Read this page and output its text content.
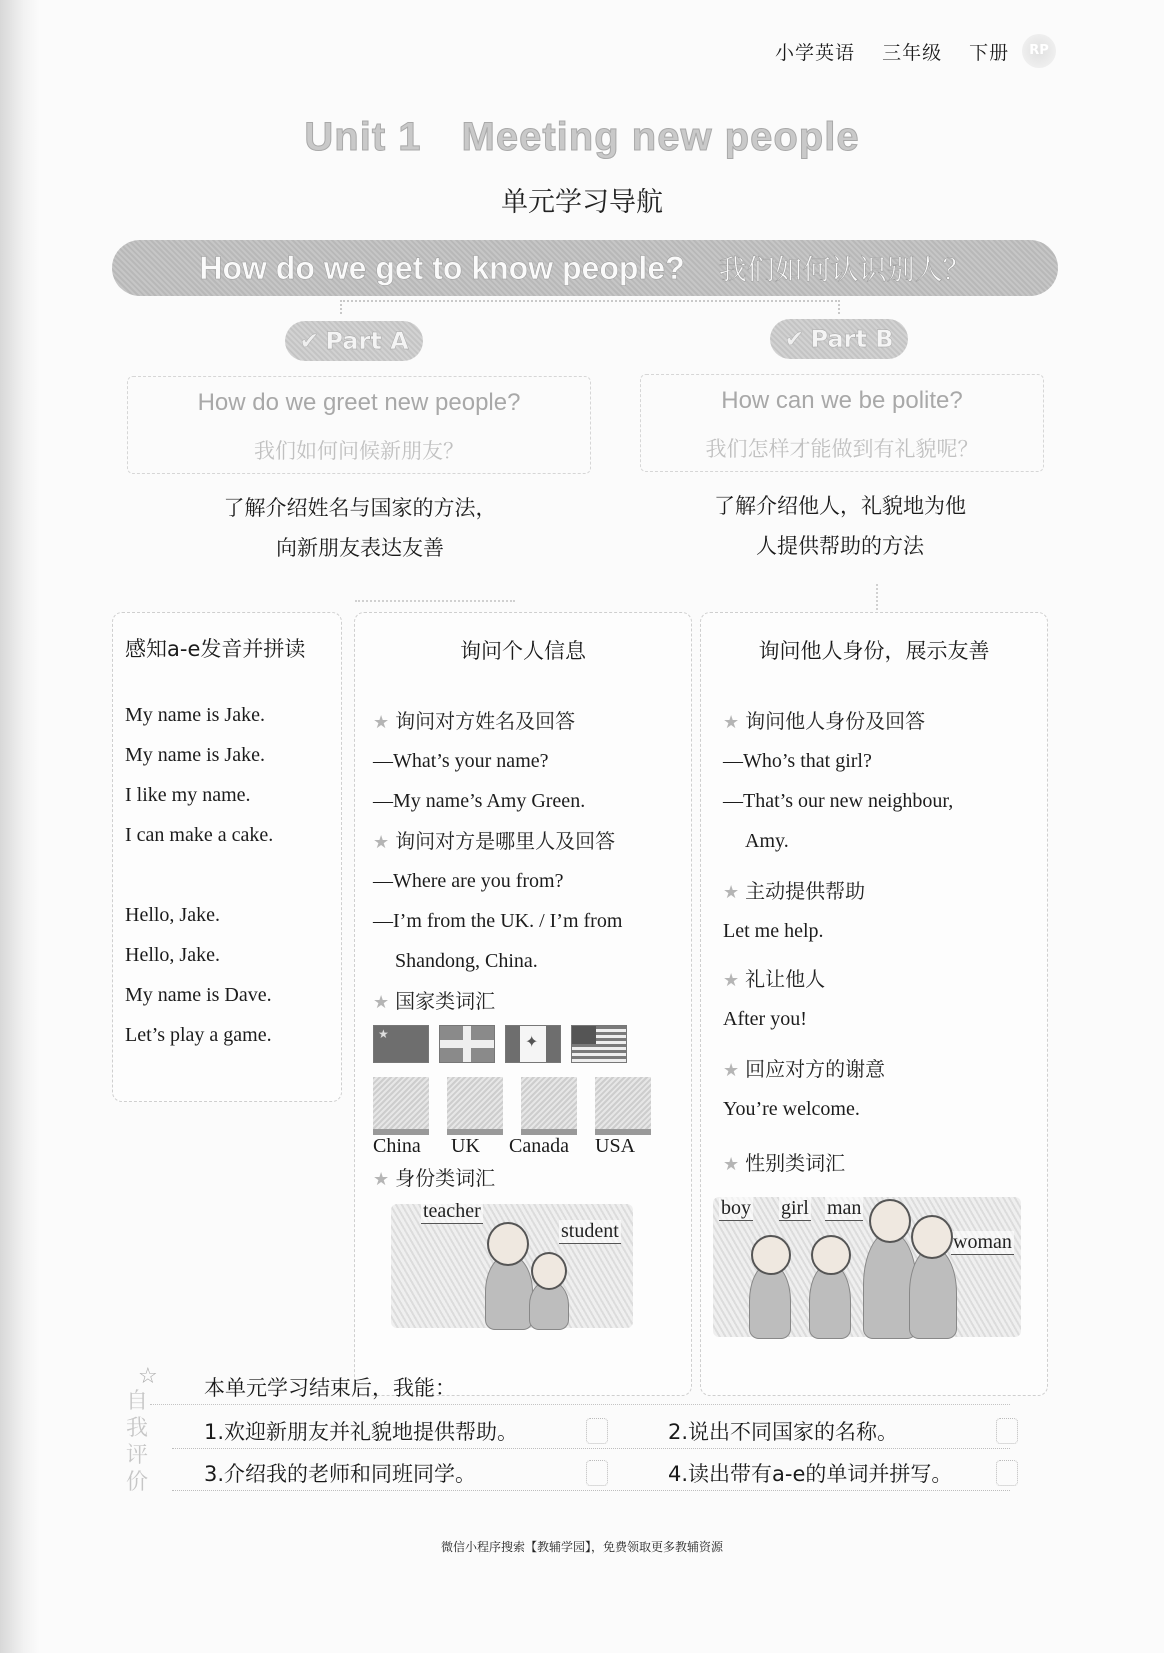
小学英语 三年级 下册	RP
Unit 1 Meeting new people
单元学习导航
How do we get to know people? 我们如何认识别人？
✔ Part A	✔ Part B
How do we greet new people?
我们如何问候新朋友？
How can we be polite?
我们怎样才能做到有礼貌呢？
了解介绍姓名与国家的方法，
向新朋友表达友善
了解介绍他人，礼貌地为他
人提供帮助的方法
感知a-e发音并拼读
My name is Jake.
My name is Jake.
I like my name.
I can make a cake.
Hello, Jake.
Hello, Jake.
My name is Dave.
Let’s play a game.
询问个人信息
★ 询问对方姓名及回答
—What’s your name?
—My name’s Amy Green.
★ 询问对方是哪里人及回答
—Where are you from?
—I’m from the UK. / I’m from
Shandong, China.
★ 国家类词汇
★
✦
China	UK	Canada	USA
★ 身份类词汇
teacher
student
询问他人身份，展示友善
★ 询问他人身份及回答
—Who’s that girl?
—That’s our new neighbour,
Amy.
★ 主动提供帮助
Let me help.
★ 礼让他人
After you!
★ 回应对方的谢意
You’re welcome.
★ 性别类词汇
boy girl man
woman
☆
自
我
评
价
本单元学习结束后，我能：
1.欢迎新朋友并礼貌地提供帮助。	2.说出不同国家的名称。
3.介绍我的老师和同班同学。	4.读出带有a-e的单词并拼写。
微信小程序搜索【教辅学园】，免费领取更多教辅资源
